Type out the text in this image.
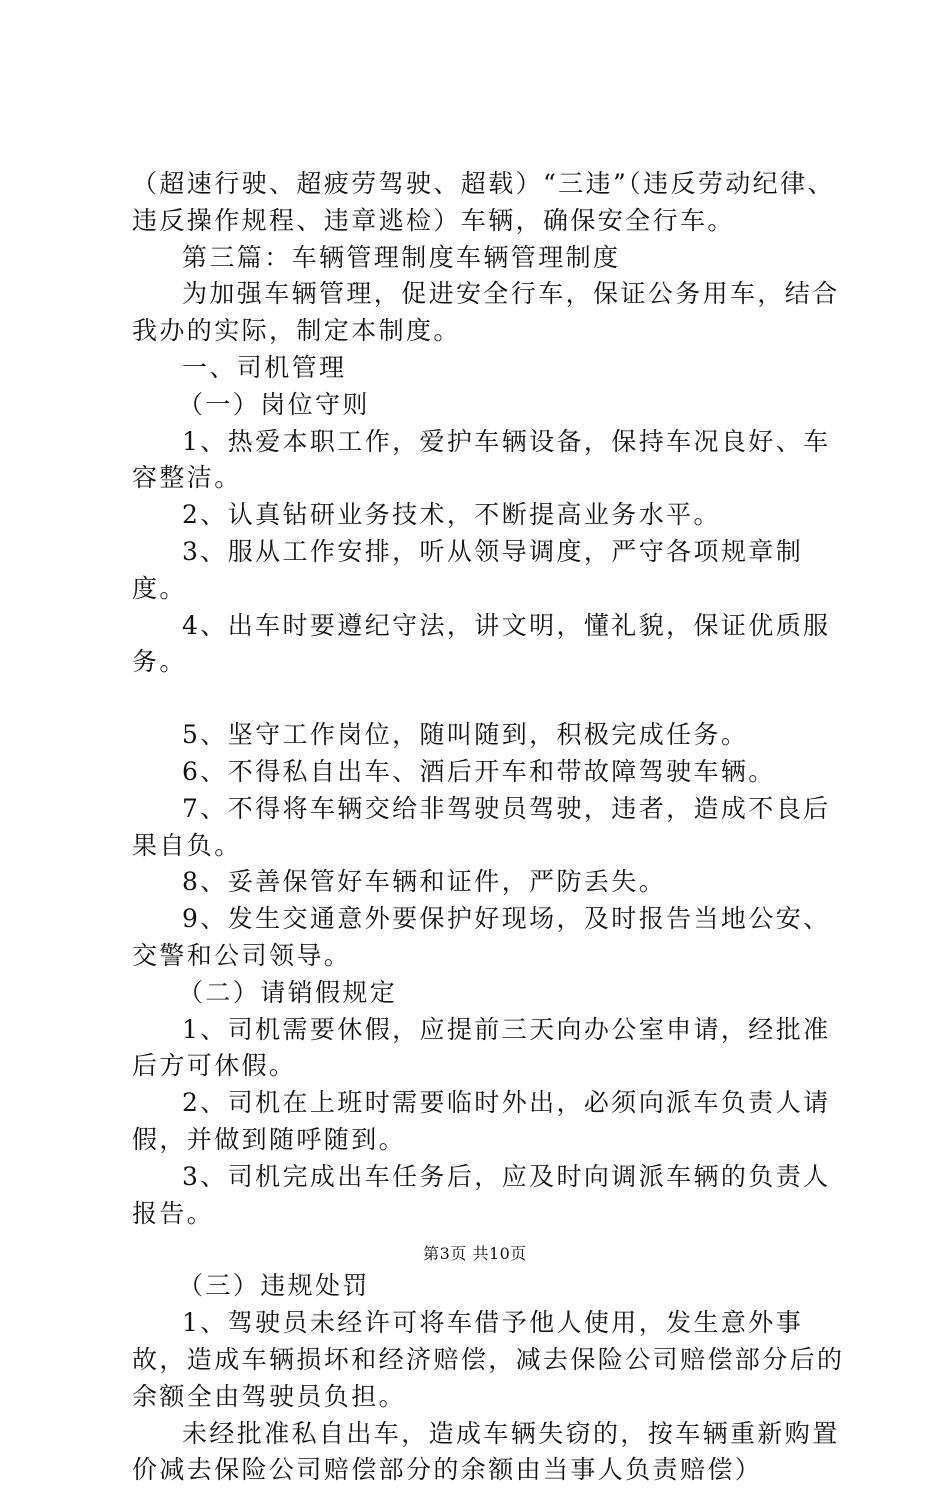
（超速行驶、超疲劳驾驶、超载）“三违”（违反劳动纪律、违反操作规程、违章逃检）车辆，确保安全行车。

第三篇：车辆管理制度车辆管理制度

为加强车辆管理，促进安全行车，保证公务用车，结合我办的实际，制定本制度。

一、司机管理

（一）岗位守则

1、热爱本职工作，爱护车辆设备，保持车况良好、车容整洁。

2、认真钻研业务技术，不断提高业务水平。

3、服从工作安排，听从领导调度，严守各项规章制度。

4、出车时要遵纪守法，讲文明，懂礼貌，保证优质服务。

5、坚守工作岗位，随叫随到，积极完成任务。

6、不得私自出车、酒后开车和带故障驾驶车辆。

7、不得将车辆交给非驾驶员驾驶，违者，造成不良后果自负。

8、妥善保管好车辆和证件，严防丢失。

9、发生交通意外要保护好现场，及时报告当地公安、交警和公司领导。

（二）请销假规定

1、司机需要休假，应提前三天向办公室申请，经批准后方可休假。

2、司机在上班时需要临时外出，必须向派车负责人请假，并做到随呼随到。

3、司机完成出车任务后，应及时向调派车辆的负责人报告。

（三）违规处罚

1、驾驶员未经许可将车借予他人使用，发生意外事故，造成车辆损坏和经济赔偿，减去保险公司赔偿部分后的余额全由驾驶员负担。

未经批准私自出车，造成车辆失窃的，按车辆重新购置价减去保险公司赔偿部分的余额由当事人负责赔偿）

第3页 共10页
